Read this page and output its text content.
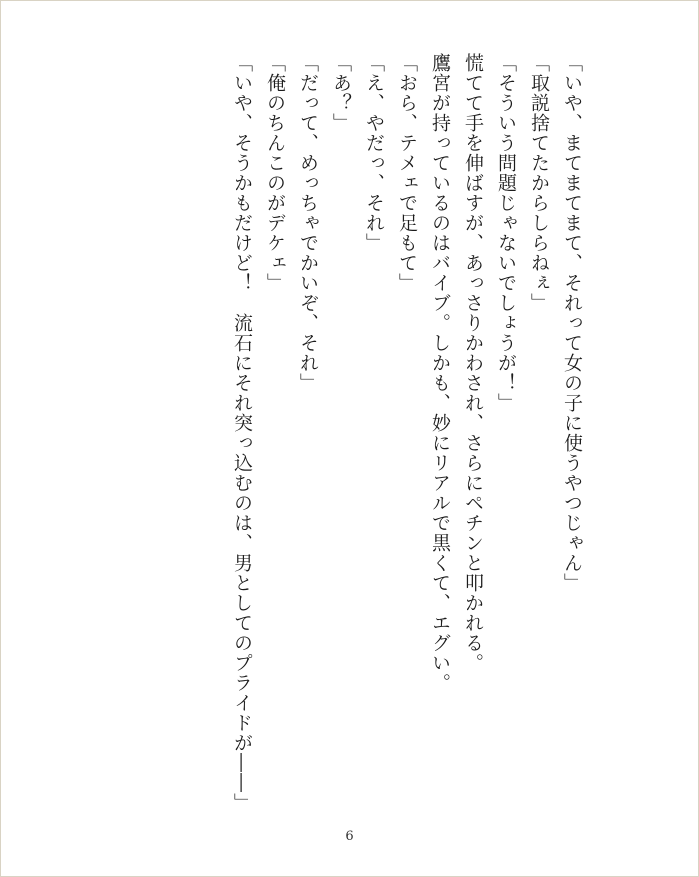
「いや、まてまてまて、それって女の子に使うやつじゃん」
「取説捨てたからしらねぇ」
「そういう問題じゃないでしょうが！」
慌てて手を伸ばすが、あっさりかわされ、さらにペチンと叩かれる。
鷹宮が持っているのはバイブ。しかも、妙にリアルで黒くて、エグい。
「おら、テメェで足もて」
「え、やだっ、それ」
「あ？」
「だって、めっちゃでかいぞ、それ」
「俺のちんこのがデケェ」
「いや、そうかもだけど！　流石にそれ突っ込むのは、男としてのプライドが――」
6
